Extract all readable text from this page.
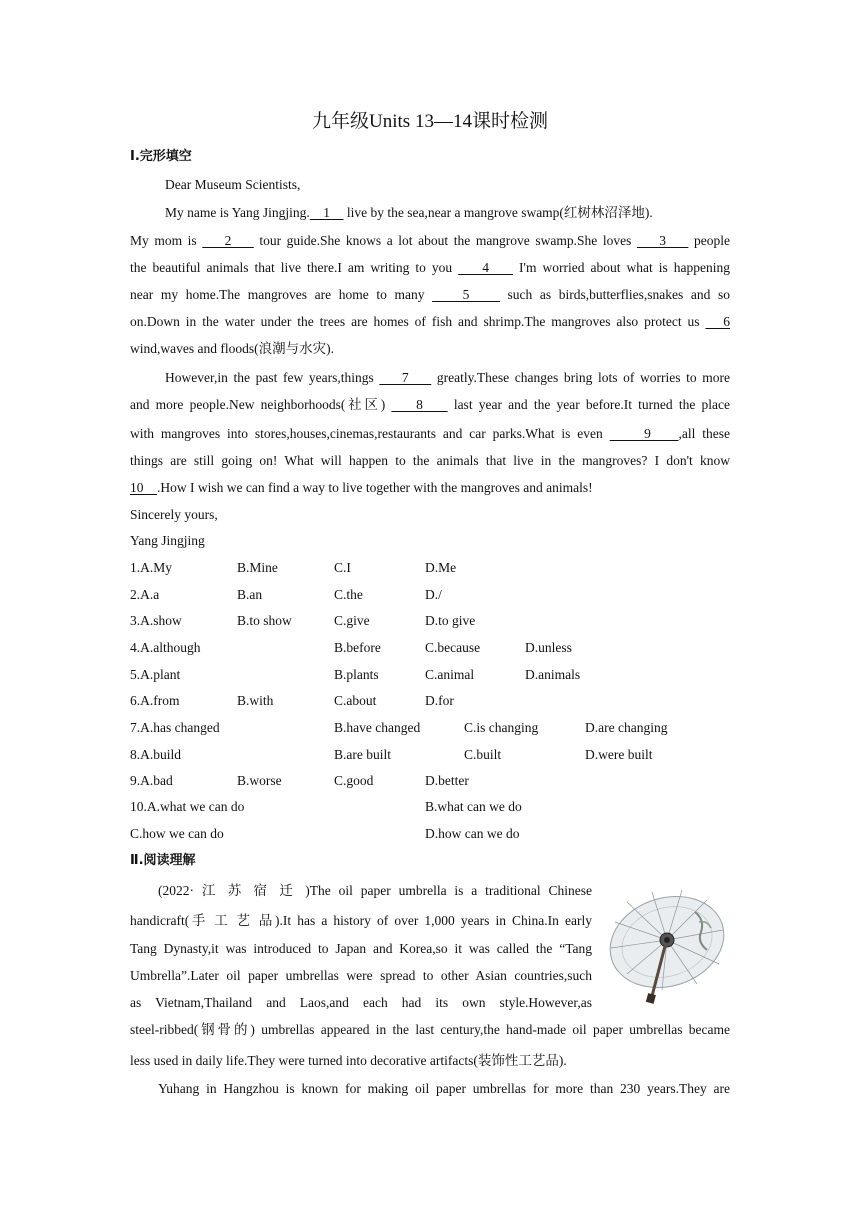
九年级Units 13—14课时检测
Ⅰ.完形填空
Dear Museum Scientists,
My name is Yang Jingjing.    1     live by the sea,near a mangrove swamp(红树林沼泽地).
My mom is     2     tour guide.She knows a lot about the mangrove swamp.She loves     3     people
the beautiful animals that live there.I am writing to you     4     I'm worried about what is happening
near my home.The mangroves are home to many     5     such as birds,butterflies,snakes and so
on.Down in the water under the trees are homes of fish and shrimp.The mangroves also protect us    6
wind,waves and floods(浪潮与水灾).
However,in the past few years,things     7     greatly.These changes bring lots of worries to more
and more people.New neighborhoods(社区)     8     last year and the year before.It turned the place
with mangroves into stores,houses,cinemas,restaurants and car parks.What is even      9    ,all these
things are still going on! What will happen to the animals that live in the mangroves? I don't know
10    .How I wish we can find a way to live together with the mangroves and animals!
Sincerely yours,
Yang Jingjing
1.A.My	B.Mine	C.I	D.Me
2.A.a	B.an	C.the	D./
3.A.show	B.to show	C.give	D.to give
4.A.although	B.before	C.because	D.unless
5.A.plant	B.plants	C.animal	D.animals
6.A.from	B.with	C.about	D.for
7.A.has changed	B.have changed	C.is changing	D.are changing
8.A.build	B.are built	C.built	D.were built
9.A.bad	B.worse	C.good	D.better
10.A.what we can do	B.what can we do
C.how we can do	D.how can we do
Ⅱ.阅读理解
(2022· 江 苏 宿 迁 )The oil paper umbrella is a traditional Chinese
handicraft(手 工 艺 品).It has a history of over 1,000 years in China.In early
Tang Dynasty,it was introduced to Japan and Korea,so it was called the “Tang
Umbrella”.Later oil paper umbrellas were spread to other Asian countries,such
as Vietnam,Thailand and Laos,and each had its own style.However,as
steel-ribbed(钢骨的) umbrellas appeared in the last century,the hand-made oil paper umbrellas became
less used in daily life.They were turned into decorative artifacts(装饰性工艺品).
Yuhang in Hangzhou is known for making oil paper umbrellas for more than 230 years.They are
